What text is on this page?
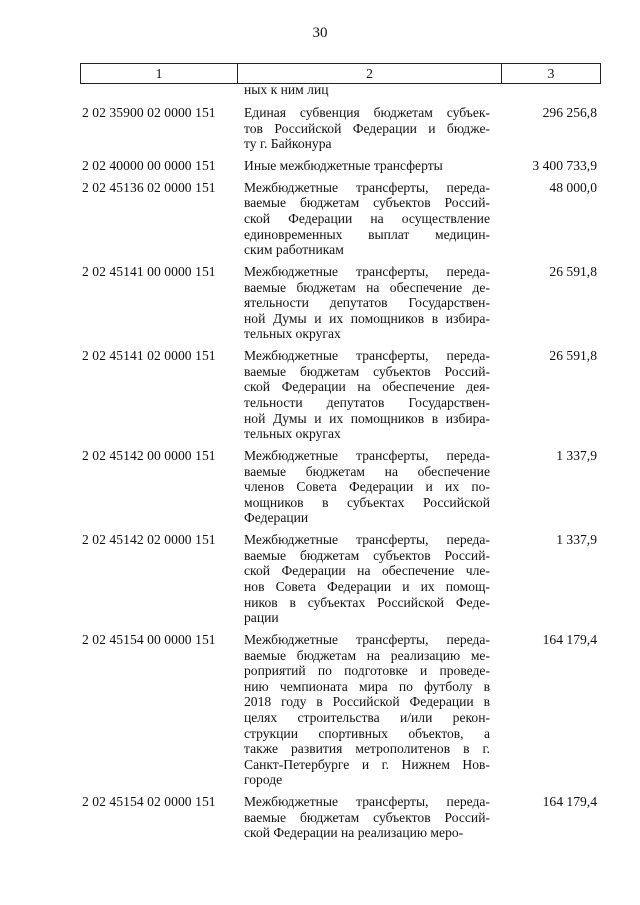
30
1	2	3
ных к ним лиц
2 02 35900 02 0000 151	Единая субвенция бюджетам субъек-
тов Российской Федерации и бюдже-
ту г. Байконура
296 256,8
2 02 40000 00 0000 151	Иные межбюджетные трансферты	3 400 733,9
2 02 45136 02 0000 151	Межбюджетные трансферты, переда-
ваемые бюджетам субъектов Россий-
ской Федерации на осуществление
единовременных выплат медицин-
ским работникам
48 000,0
2 02 45141 00 0000 151	Межбюджетные трансферты, переда-
ваемые бюджетам на обеспечение де-
ятельности депутатов Государствен-
ной Думы и их помощников в избира-
тельных округах
26 591,8
2 02 45141 02 0000 151	Межбюджетные трансферты, переда-
ваемые бюджетам субъектов Россий-
ской Федерации на обеспечение дея-
тельности депутатов Государствен-
ной Думы и их помощников в избира-
тельных округах
26 591,8
2 02 45142 00 0000 151	Межбюджетные трансферты, переда-
ваемые бюджетам на обеспечение
членов Совета Федерации и их по-
мощников в субъектах Российской
Федерации
1 337,9
2 02 45142 02 0000 151	Межбюджетные трансферты, переда-
ваемые бюджетам субъектов Россий-
ской Федерации на обеспечение чле-
нов Совета Федерации и их помощ-
ников в субъектах Российской Феде-
рации
1 337,9
2 02 45154 00 0000 151	Межбюджетные трансферты, переда-
ваемые бюджетам на реализацию ме-
роприятий по подготовке и проведе-
нию чемпионата мира по футболу в
2018 году в Российской Федерации в
целях строительства и/или рекон-
струкции спортивных объектов, а
также развития метрополитенов в г.
Санкт-Петербурге и г. Нижнем Нов-
городе
164 179,4
2 02 45154 02 0000 151	Межбюджетные трансферты, переда-
ваемые бюджетам субъектов Россий-
ской Федерации на реализацию меро-
164 179,4
